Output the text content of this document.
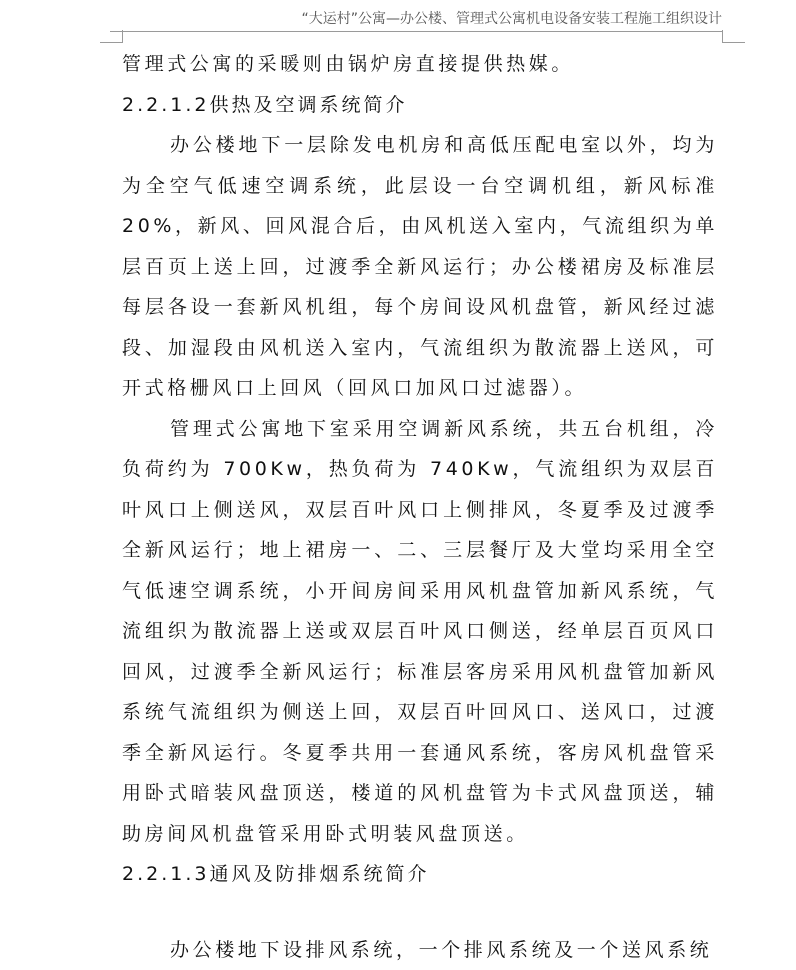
“大运村”公寓—办公楼、管理式公寓机电设备安装工程施工组织设计

管理式公寓的采暖则由锅炉房直接提供热媒。

2.2.1.2供热及空调系统简介

办公楼地下一层除发电机房和高低压配电室以外，均为为全空气低速空调系统，此层设一台空调机组，新风标准 20%，新风、回风混合后，由风机送入室内，气流组织为单层百页上送上回，过渡季全新风运行；办公楼裙房及标准层每层各设一套新风机组，每个房间设风机盘管，新风经过滤段、加湿段由风机送入室内，气流组织为散流器上送风，可开式格栅风口上回风（回风口加风口过滤器）。

管理式公寓地下室采用空调新风系统，共五台机组，冷负荷约为 700Kw，热负荷为 740Kw，气流组织为双层百叶风口上侧送风，双层百叶风口上侧排风，冬夏季及过渡季全新风运行；地上裙房一、二、三层餐厅及大堂均采用全空气低速空调系统，小开间房间采用风机盘管加新风系统，气流组织为散流器上送或双层百叶风口侧送，经单层百页风口回风，过渡季全新风运行；标准层客房采用风机盘管加新风系统气流组织为侧送上回，双层百叶回风口、送风口，过渡季全新风运行。冬夏季共用一套通风系统，客房风机盘管采用卧式暗装风盘顶送，楼道的风机盘管为卡式风盘顶送，辅助房间风机盘管采用卧式明装风盘顶送。

2.2.1.3通风及防排烟系统简介

办公楼地下设排风系统，一个排风系统及一个送风系统
